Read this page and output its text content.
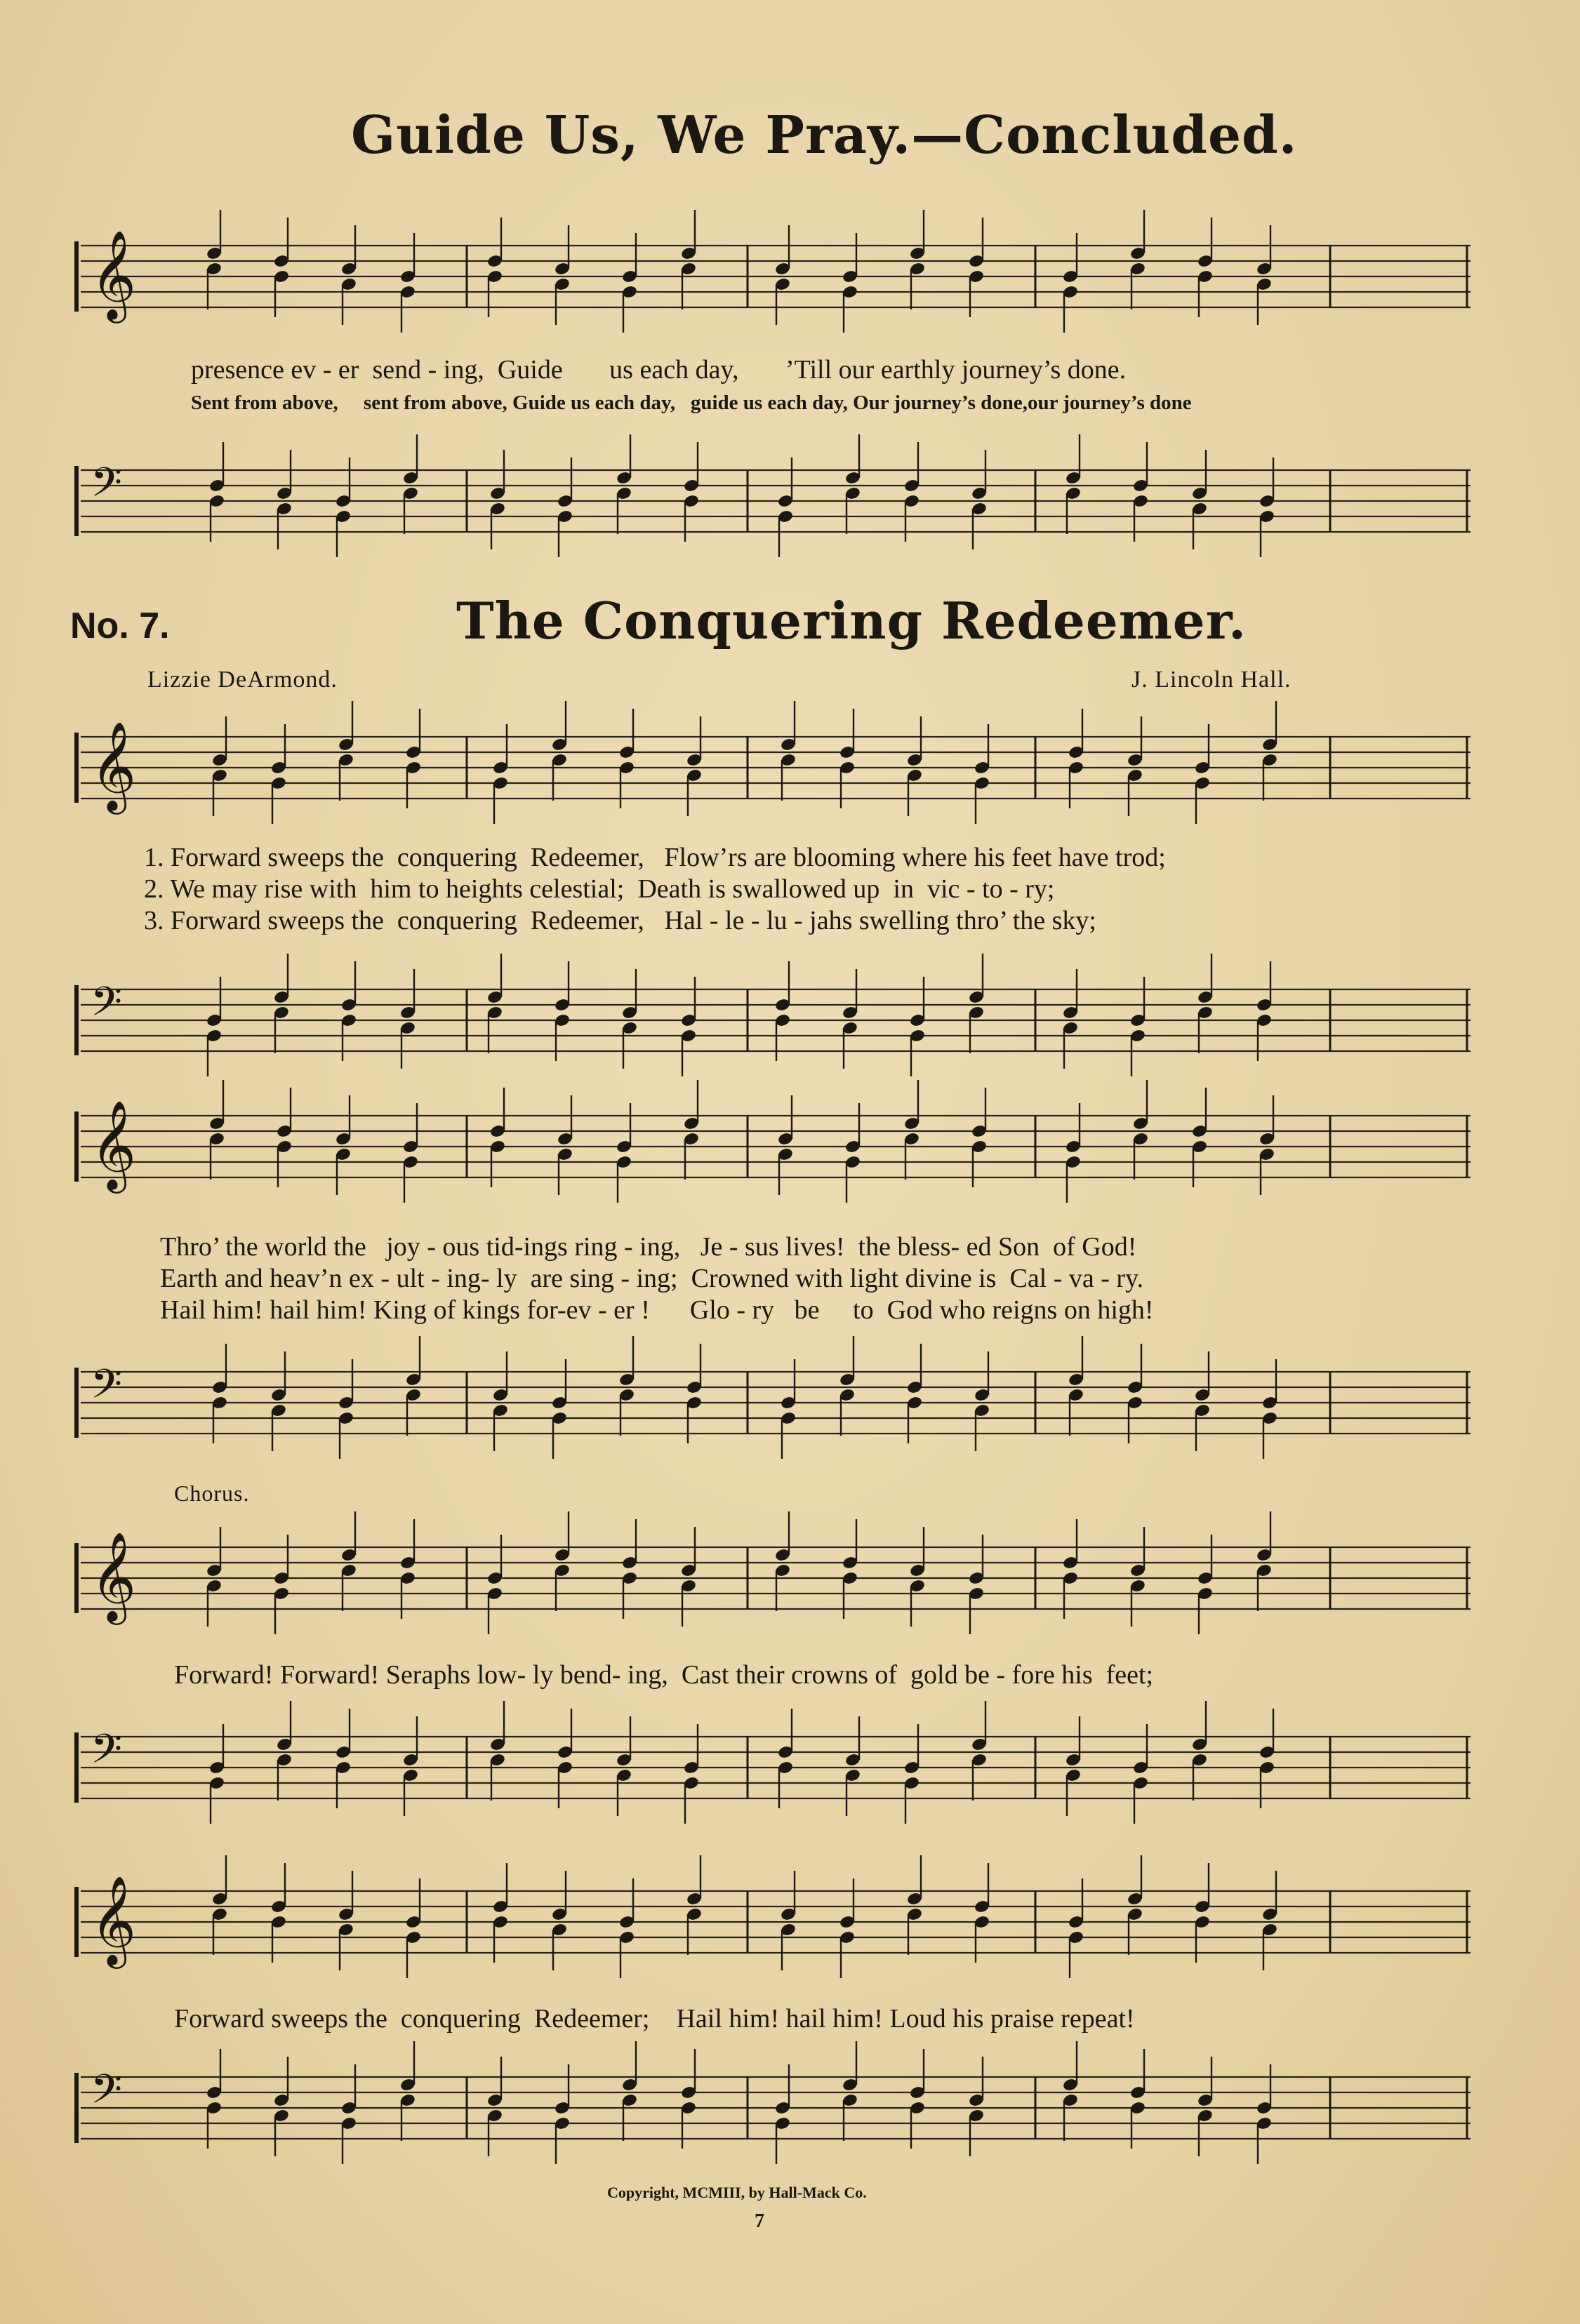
Guide Us, We Pray.—Concluded.
𝄞
presence ev - er  send - ing,  Guide       us each day,       ’Till our earthly journey’s done.
Sent from above,     sent from above, Guide us each day,   guide us each day, Our journey’s done,our journey’s done
𝄢
No. 7.	The Conquering Redeemer.
Lizzie DeArmond.	J. Lincoln Hall.
𝄞
1. Forward sweeps the  conquering  Redeemer,   Flow’rs are blooming where his feet have trod;
2. We may rise with  him to heights celestial;  Death is swallowed up  in  vic - to - ry;
3. Forward sweeps the  conquering  Redeemer,   Hal - le - lu - jahs swelling thro’ the sky;
𝄢
𝄞
Thro’ the world the   joy - ous tid-ings ring - ing,   Je - sus lives!  the bless- ed Son  of God!
Earth and heav’n ex - ult - ing- ly  are sing - ing;  Crowned with light divine is  Cal - va - ry.
Hail him! hail him! King of kings for-ev - er !      Glo - ry   be     to  God who reigns on high!
𝄢
Chorus.
𝄞
Forward! Forward! Seraphs low- ly bend- ing,  Cast their crowns of  gold be - fore his  feet;
𝄢
𝄞
Forward sweeps the  conquering  Redeemer;    Hail him! hail him! Loud his praise repeat!
𝄢
Copyright, MCMIII, by Hall-Mack Co.
7
